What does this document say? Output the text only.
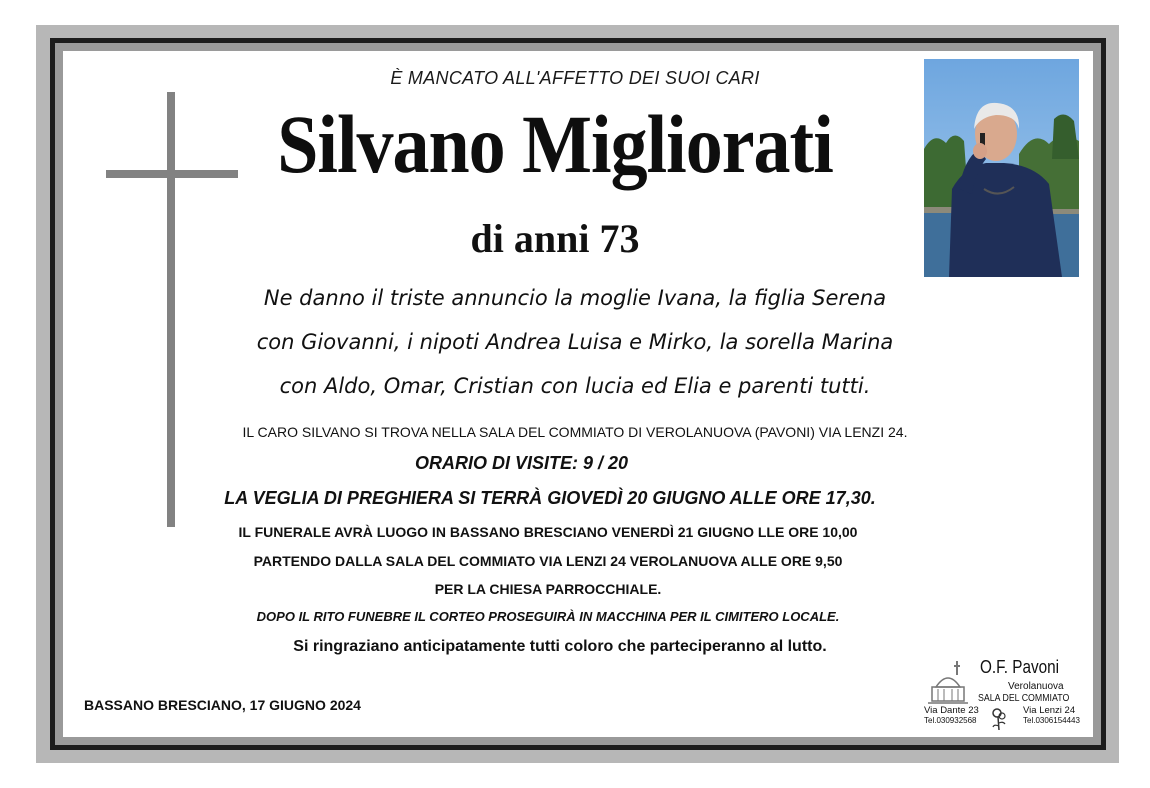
È MANCATO ALL'AFFETTO DEI SUOI CARI
Silvano Migliorati
di anni 73
Ne danno il triste annuncio la moglie Ivana, la figlia Serena
con Giovanni, i nipoti Andrea Luisa e Mirko, la sorella Marina
con Aldo, Omar, Cristian con lucia ed Elia e parenti tutti.
IL CARO SILVANO SI TROVA NELLA SALA DEL COMMIATO DI VEROLANUOVA (PAVONI) VIA LENZI 24.
ORARIO DI VISITE: 9 / 20
LA VEGLIA DI PREGHIERA SI TERRÀ GIOVEDÌ 20 GIUGNO ALLE ORE 17,30.
IL FUNERALE AVRÀ LUOGO IN BASSANO BRESCIANO VENERDÌ 21 GIUGNO LLE ORE 10,00
PARTENDO DALLA SALA DEL COMMIATO VIA LENZI 24 VEROLANUOVA ALLE ORE 9,50
PER LA CHIESA PARROCCHIALE.
DOPO IL RITO FUNEBRE IL CORTEO PROSEGUIRÀ IN MACCHINA PER IL CIMITERO LOCALE.
Si ringraziano anticipatamente tutti coloro che parteciperanno al lutto.
BASSANO BRESCIANO, 17 GIUGNO 2024
O.F. Pavoni
Verolanuova
SALA DEL COMMIATO
Via Dante 23
Tel.030932568
Via Lenzi 24
Tel.0306154443
